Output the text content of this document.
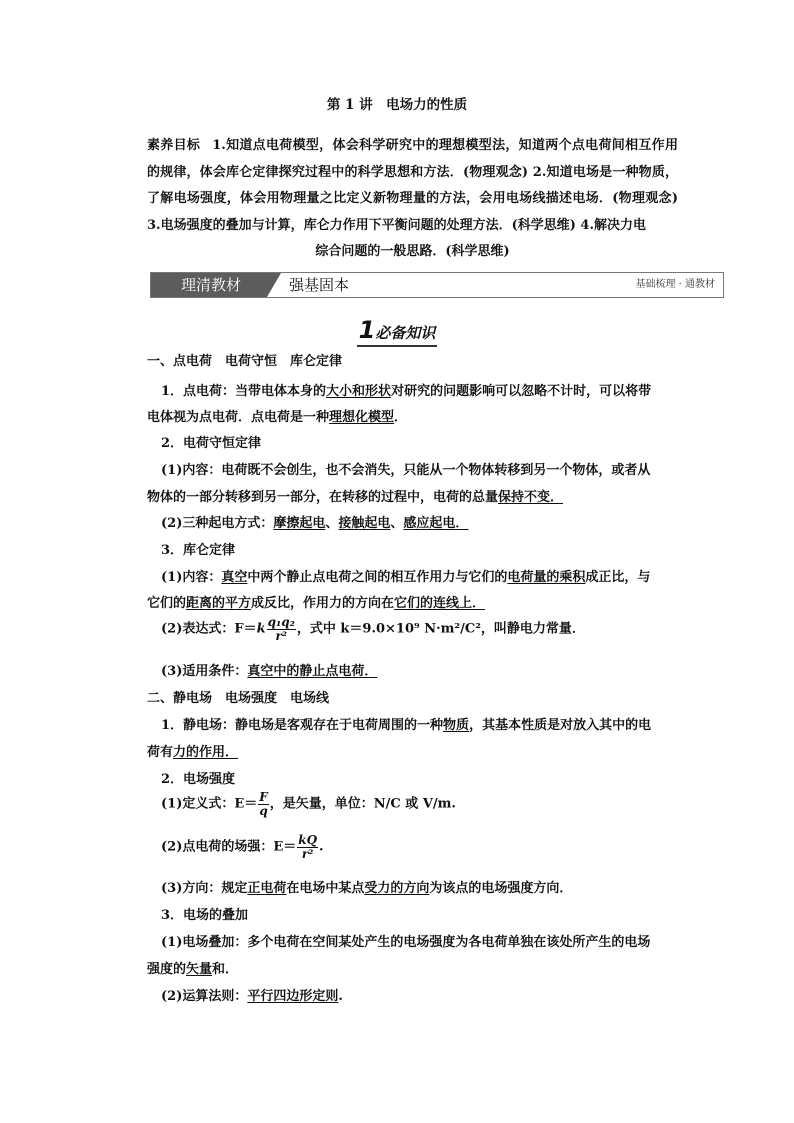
第 1 讲　电场力的性质
素养目标 1.知道点电荷模型，体会科学研究中的理想模型法，知道两个点电荷间相互作用的规律，体会库仑定律探究过程中的科学思想和方法．(物理观念) 2.知道电场是一种物质，了解电场强度，体会用物理量之比定义新物理量的方法，会用电场线描述电场．(物理观念) 3.电场强度的叠加与计算，库仑力作用下平衡问题的处理方法．(科学思维) 4.解决力电
综合问题的一般思路．(科学思维)
理清教材	强基固本	基础梳理 · 通教材
1必备知识
一、点电荷　电荷守恒　库仑定律
1．点电荷：当带电体本身的大小和形状对研究的问题影响可以忽略不计时，可以将带
电体视为点电荷．点电荷是一种理想化模型．
2．电荷守恒定律
(1)内容：电荷既不会创生，也不会消失，只能从一个物体转移到另一个物体，或者从
物体的一部分转移到另一部分，在转移的过程中，电荷的总量保持不变．
(2)三种起电方式：摩擦起电、接触起电、感应起电．
3．库仑定律
(1)内容：真空中两个静止点电荷之间的相互作用力与它们的电荷量的乘积成正比，与
它们的距离的平方成反比，作用力的方向在它们的连线上．
(2)表达式：$F=k \frac{\text{q₁q₂}}{\text{r²}}$ ，式中 k＝9.0×10⁹ N·m²/C²，叫静电力常量．
(3)适用条件：真空中的静止点电荷．
二、静电场　电场强度　电场线
1．静电场：静电场是客观存在于电荷周围的一种物质，其基本性质是对放入其中的电
荷有力的作用．
2．电场强度
(1)定义式：$E= \frac{F}{q}$ ，是矢量，单位：N/C 或 V/m.
(2)点电荷的场强：$E= \frac{kQ}{\text{r²}}$ .
(3)方向：规定正电荷在电场中某点受力的方向为该点的电场强度方向．
3．电场的叠加
(1)电场叠加：多个电荷在空间某处产生的电场强度为各电荷单独在该处所产生的电场
强度的矢量和．
(2)运算法则：平行四边形定则.
